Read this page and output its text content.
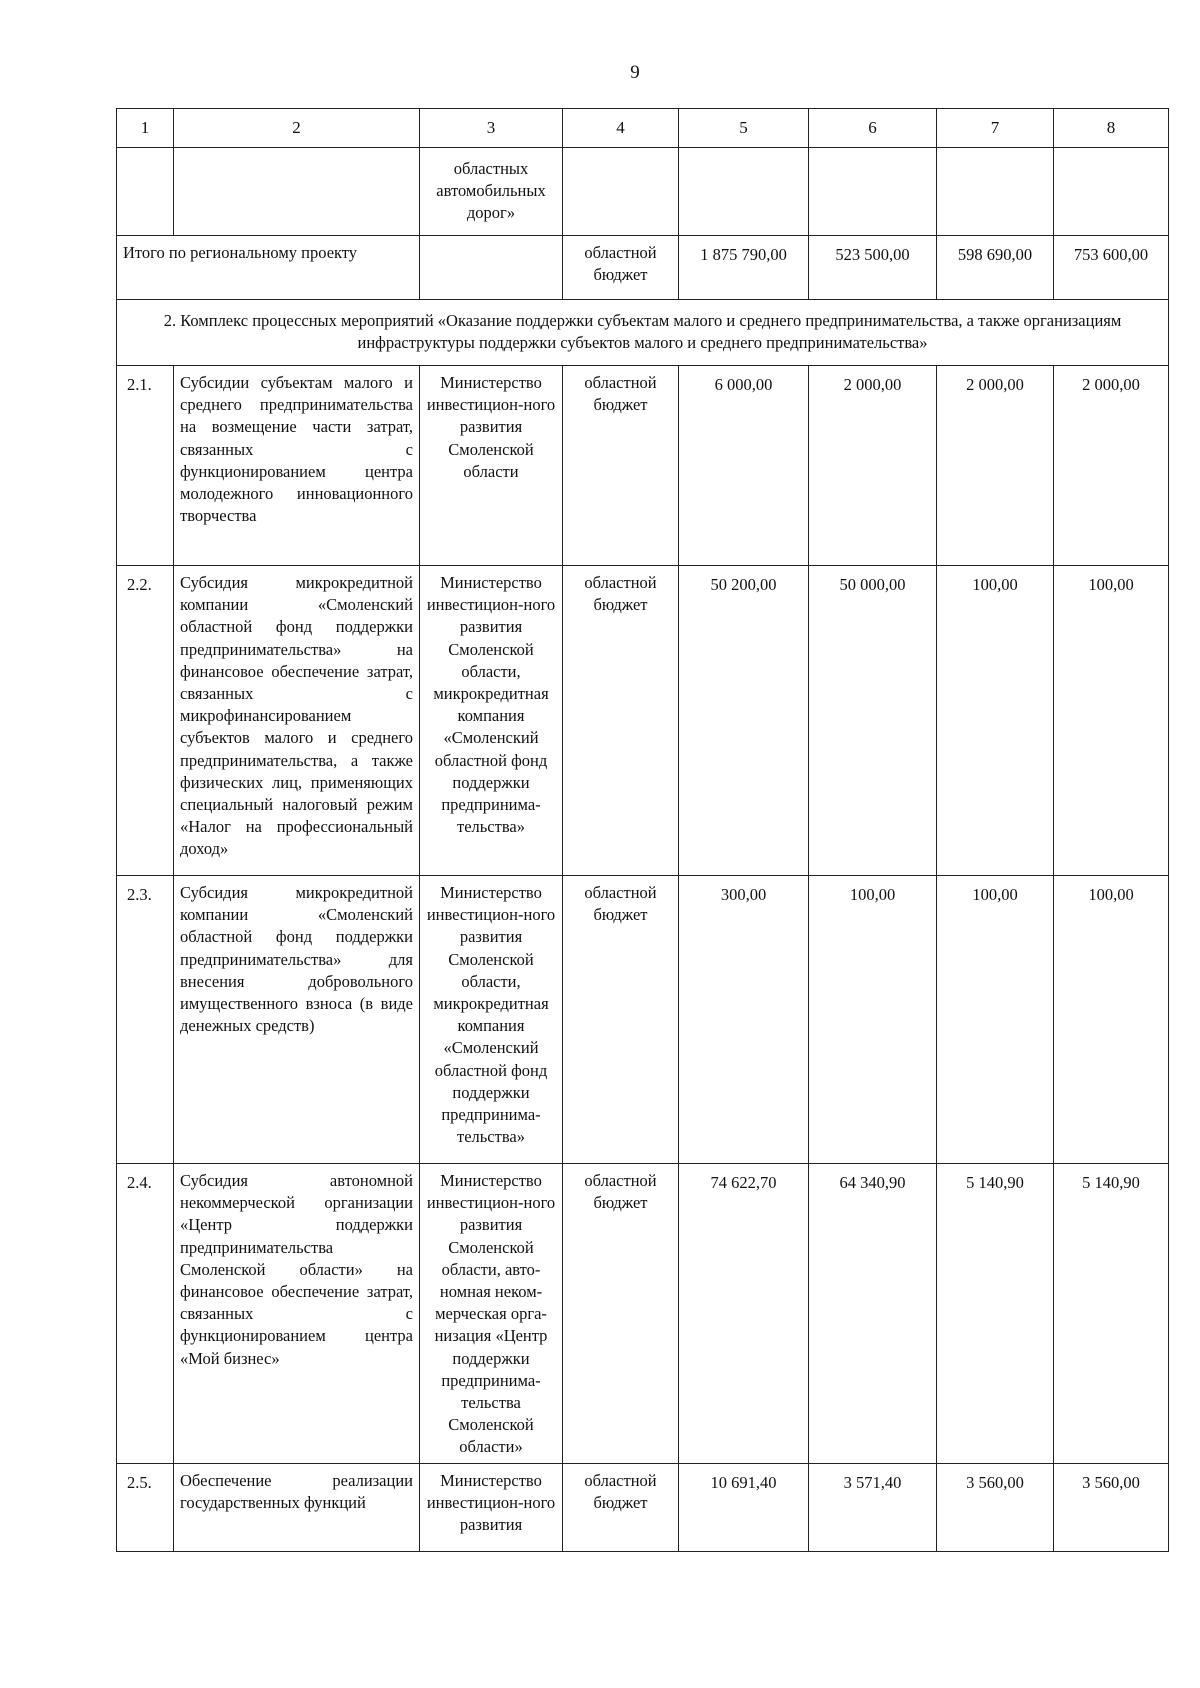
9
1	2	3	4	5	6	7	8
		областных автомобильных дорог»					
Итого по региональному проекту			областной бюджет	1 875 790,00	523 500,00	598 690,00	753 600,00
2. Комплекс процессных мероприятий «Оказание поддержки субъектам малого и среднего предпринимательства, а также организациям инфраструктуры поддержки субъектов малого и среднего предпринимательства»							
2.1.	Субсидии субъектам малого и среднего предпринимательства на возмещение части затрат, связанных с функционированием центра молодежного инновационного творчества	Министерство инвестицион-ного развития Смоленской области	областной бюджет	6 000,00	2 000,00	2 000,00	2 000,00
2.2.	Субсидия микрокредитной компании «Смоленский областной фонд поддержки предпринимательства» на финансовое обеспечение затрат, связанных с микрофинансированием субъектов малого и среднего предпринимательства, а также физических лиц, применяющих специальный налоговый режим «Налог на профессиональный доход»	Министерство инвестицион-ного развития Смоленской области, микрокредитная компания «Смоленский областной фонд поддержки предпринима-тельства»	областной бюджет	50 200,00	50 000,00	100,00	100,00
2.3.	Субсидия микрокредитной компании «Смоленский областной фонд поддержки предпринимательства» для внесения добровольного имущественного взноса (в виде денежных средств)	Министерство инвестицион-ного развития Смоленской области, микрокредитная компания «Смоленский областной фонд поддержки предпринима-тельства»	областной бюджет	300,00	100,00	100,00	100,00
2.4.	Субсидия автономной некоммерческой организации «Центр поддержки предпринимательства Смоленской области» на финансовое обеспечение затрат, связанных с функционированием центра «Мой бизнес»	Министерство инвестицион-ного развития Смоленской области, авто-номная неком-мерческая орга-низация «Центр поддержки предпринима-тельства Смоленской области»	областной бюджет	74 622,70	64 340,90	5 140,90	5 140,90
2.5.	Обеспечение реализации государственных функций	Министерство инвестицион-ного развития	областной бюджет	10 691,40	3 571,40	3 560,00	3 560,00
